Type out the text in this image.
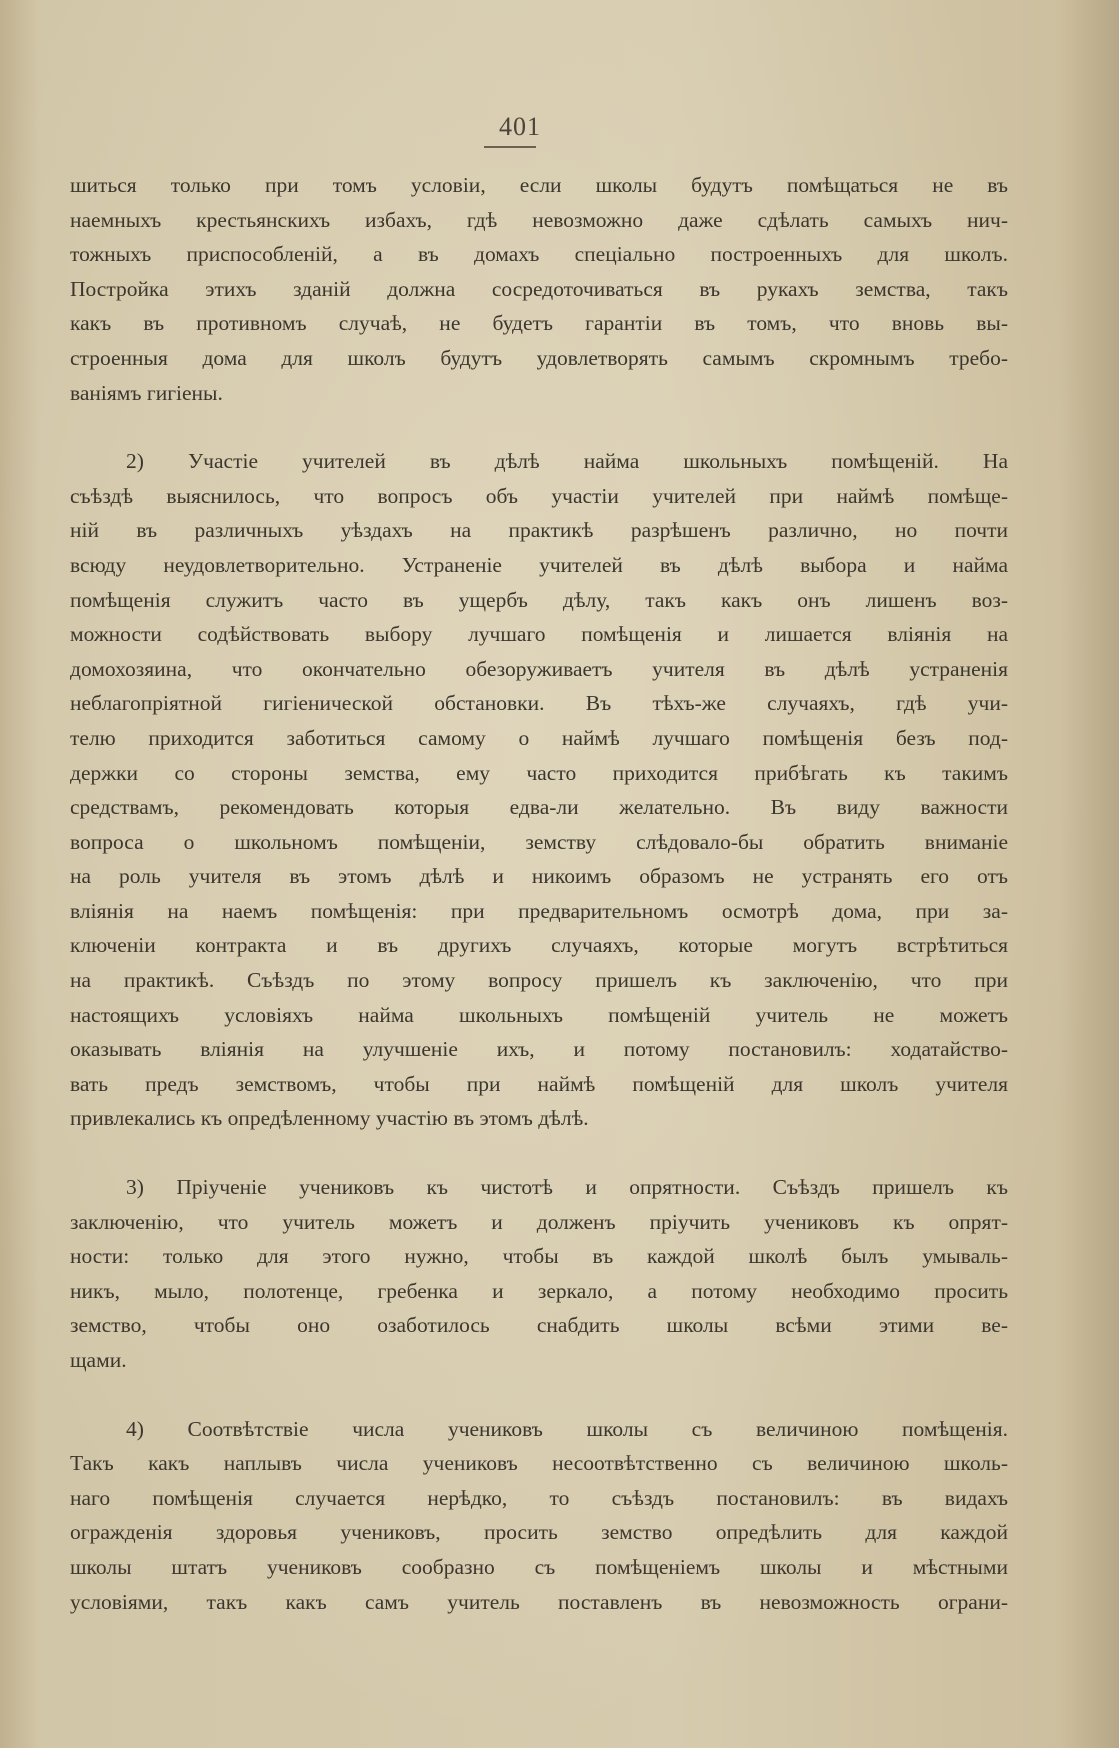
401
шиться только при томъ условіи, если школы будутъ помѣщаться не въ
наемныхъ крестьянскихъ избахъ, гдѣ невозможно даже сдѣлать самыхъ нич-
тожныхъ приспособленій, а въ домахъ спеціально построенныхъ для школъ.
Постройка этихъ зданій должна сосредоточиваться въ рукахъ земства, такъ
какъ въ противномъ случаѣ, не будетъ гарантіи въ томъ, что вновь вы-
строенныя дома для школъ будутъ удовлетворять самымъ скромнымъ требо-
ваніямъ гигіены.
2) Участіе учителей въ дѣлѣ найма школьныхъ помѣщеній. На
съѣздѣ выяснилось, что вопросъ объ участіи учителей при наймѣ помѣще-
ній въ различныхъ уѣздахъ на практикѣ разрѣшенъ различно, но почти
всюду неудовлетворительно. Устраненіе учителей въ дѣлѣ выбора и найма
помѣщенія служитъ часто въ ущербъ дѣлу, такъ какъ онъ лишенъ воз-
можности содѣйствовать выбору лучшаго помѣщенія и лишается вліянія на
домохозяина, что окончательно обезоруживаетъ учителя въ дѣлѣ устраненія
неблагопріятной гигіенической обстановки. Въ тѣхъ-же случаяхъ, гдѣ учи-
телю приходится заботиться самому о наймѣ лучшаго помѣщенія безъ под-
держки со стороны земства, ему часто приходится прибѣгать къ такимъ
средствамъ, рекомендовать которыя едва-ли желательно. Въ виду важности
вопроса о школьномъ помѣщеніи, земству слѣдовало-бы обратить вниманіе
на роль учителя въ этомъ дѣлѣ и никоимъ образомъ не устранять его отъ
вліянія на наемъ помѣщенія: при предварительномъ осмотрѣ дома, при за-
ключеніи контракта и въ другихъ случаяхъ, которые могутъ встрѣтиться
на практикѣ. Съѣздъ по этому вопросу пришелъ къ заключенію, что при
настоящихъ условіяхъ найма школьныхъ помѣщеній учитель не можетъ
оказывать вліянія на улучшеніе ихъ, и потому постановилъ: ходатайство-
вать предъ земствомъ, чтобы при наймѣ помѣщеній для школъ учителя
привлекались къ опредѣленному участію въ этомъ дѣлѣ.
3) Пріученіе учениковъ къ чистотѣ и опрятности. Съѣздъ пришелъ къ
заключенію, что учитель можетъ и долженъ пріучить учениковъ къ опрят-
ности: только для этого нужно, чтобы въ каждой школѣ былъ умываль-
никъ, мыло, полотенце, гребенка и зеркало, а потому необходимо просить
земство, чтобы оно озаботилось снабдить школы всѣми этими ве-
щами.
4) Соотвѣтствіе числа учениковъ школы съ величиною помѣщенія.
Такъ какъ наплывъ числа учениковъ несоотвѣтственно съ величиною школь-
наго помѣщенія случается нерѣдко, то съѣздъ постановилъ: въ видахъ
огражденія здоровья учениковъ, просить земство опредѣлить для каждой
школы штатъ учениковъ сообразно съ помѣщеніемъ школы и мѣстными
условіями, такъ какъ самъ учитель поставленъ въ невозможность ограни-
